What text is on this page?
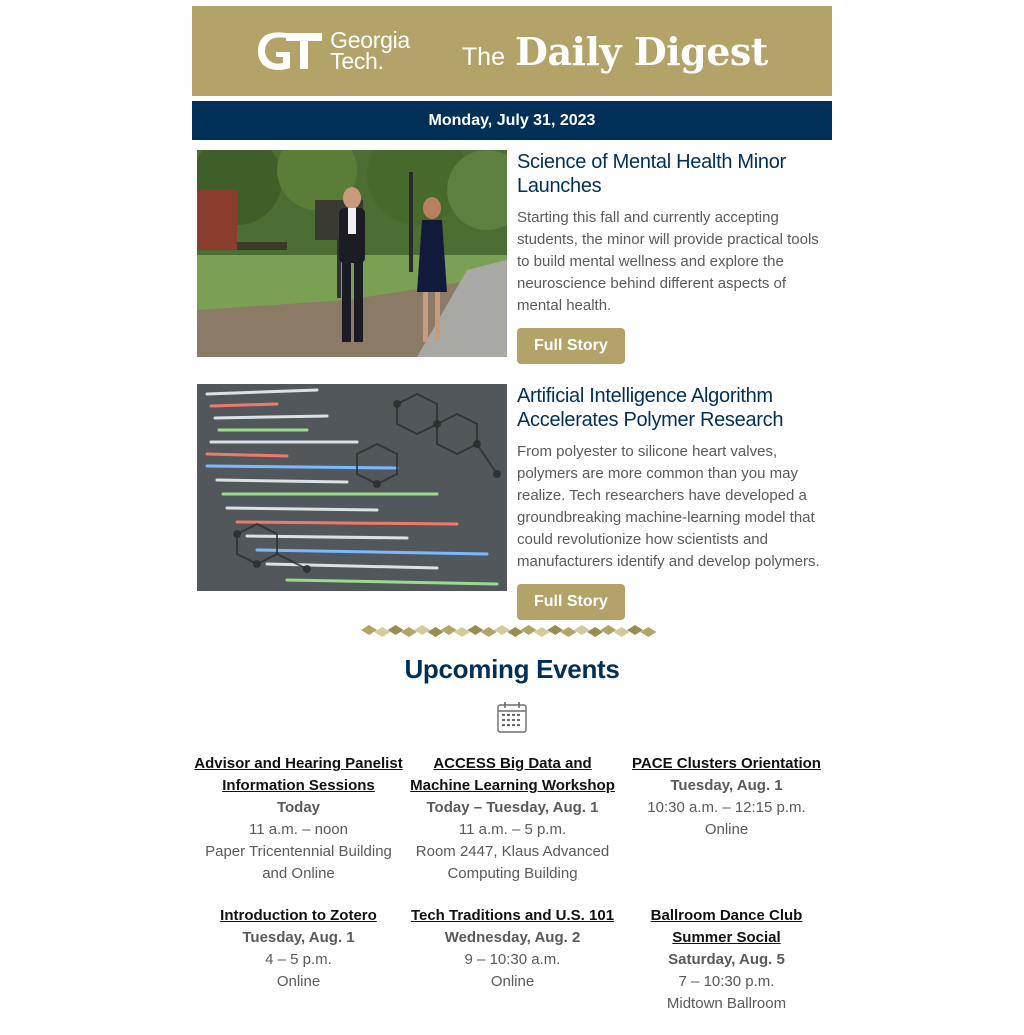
Georgia
Tech.	The Daily Digest
Monday, July 31, 2023
Science of Mental Health Minor Launches

Starting this fall and currently accepting students, the minor will provide practical tools to build mental wellness and explore the neuroscience behind different aspects of mental health.

Full Story
Artificial Intelligence Algorithm Accelerates Polymer Research

From polyester to silicone heart valves, polymers are more common than you may realize. Tech researchers have developed a groundbreaking machine-learning model that could revolutionize how scientists and manufacturers identify and develop polymers.

Full Story
Upcoming Events
Advisor and Hearing Panelist Information Sessions
Today
11 a.m. – noon
Paper Tricentennial Building and Online
ACCESS Big Data and Machine Learning Workshop
Today – Tuesday, Aug. 1
11 a.m. – 5 p.m.
Room 2447, Klaus Advanced Computing Building
PACE Clusters Orientation
Tuesday, Aug. 1
10:30 a.m. – 12:15 p.m.
Online
Introduction to Zotero
Tuesday, Aug. 1
4 – 5 p.m.
Online
Tech Traditions and U.S. 101
Wednesday, Aug. 2
9 – 10:30 a.m.
Online
Ballroom Dance Club Summer Social
Saturday, Aug. 5
7 – 10:30 p.m.
Midtown Ballroom
